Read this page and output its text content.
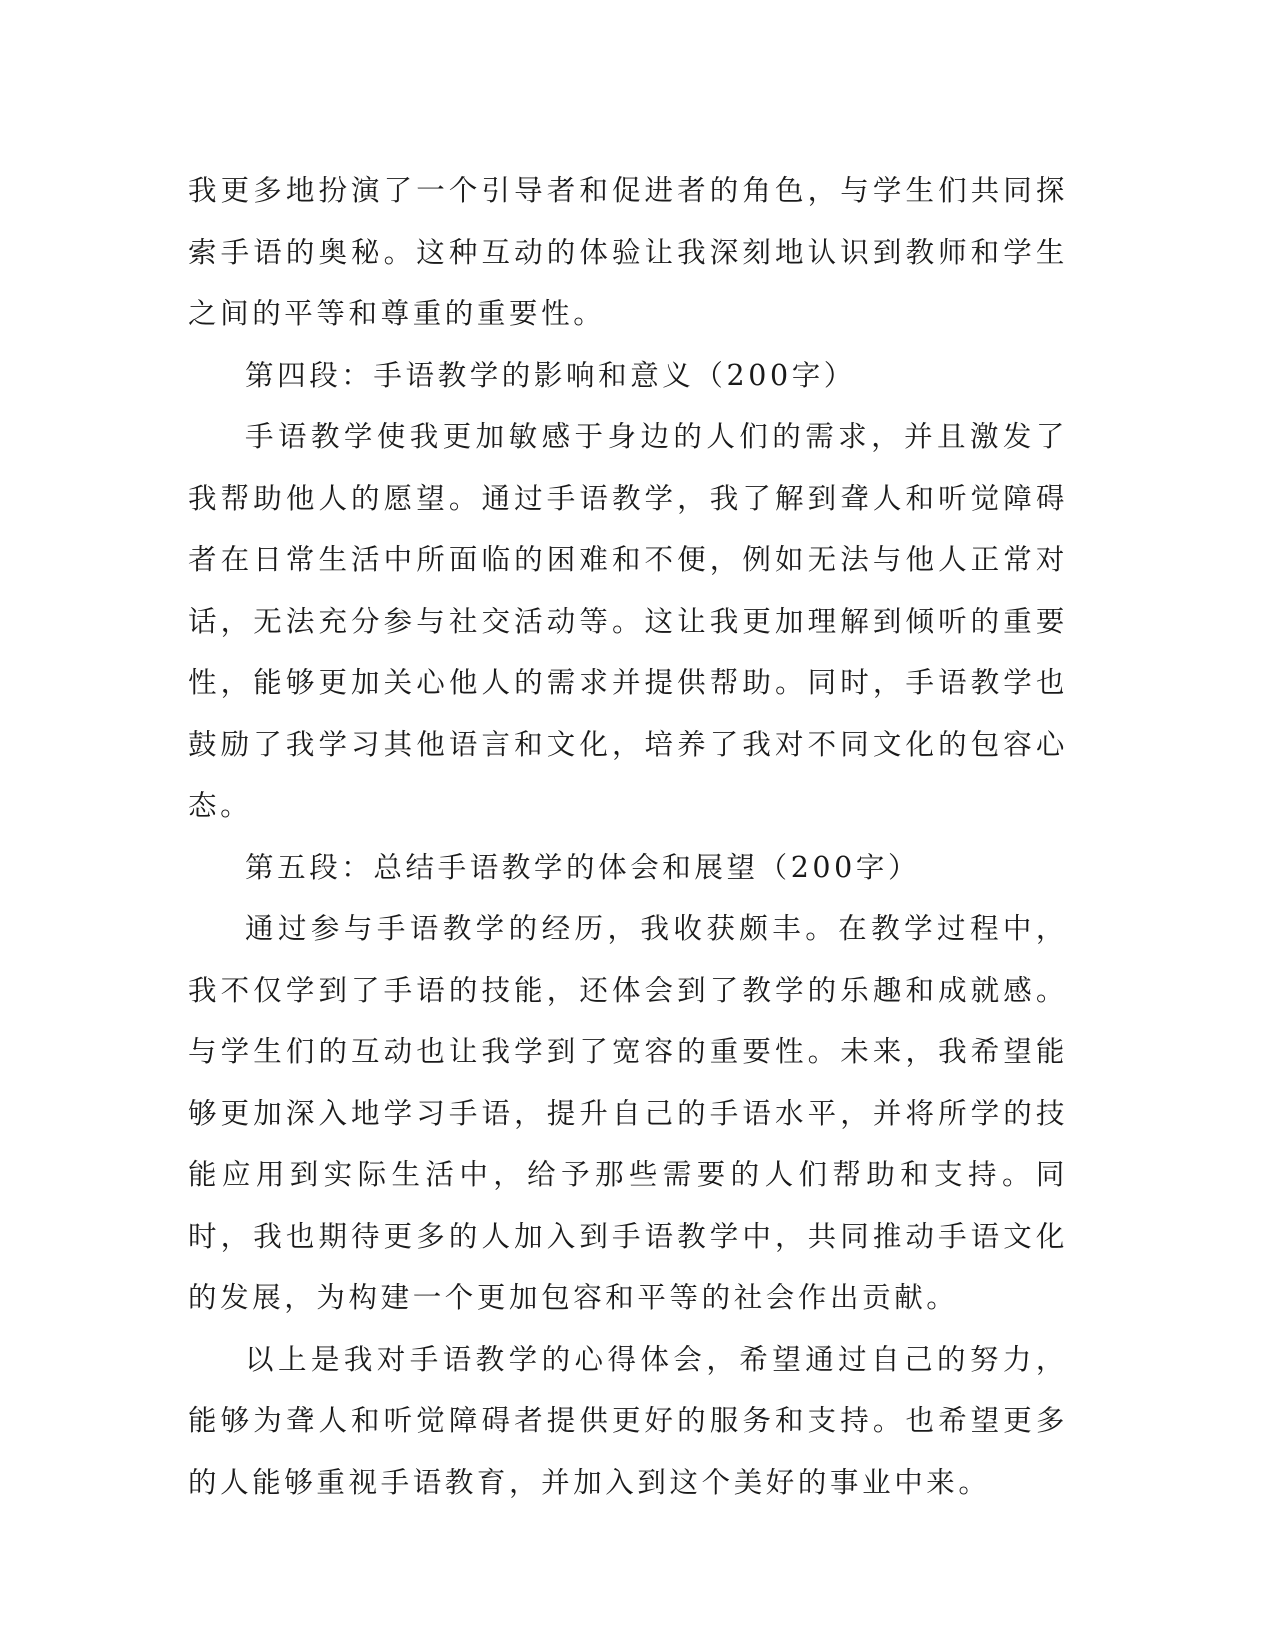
我更多地扮演了一个引导者和促进者的角色，与学生们共同探索手语的奥秘。这种互动的体验让我深刻地认识到教师和学生之间的平等和尊重的重要性。

第四段：手语教学的影响和意义（200字）

手语教学使我更加敏感于身边的人们的需求，并且激发了我帮助他人的愿望。通过手语教学，我了解到聋人和听觉障碍者在日常生活中所面临的困难和不便，例如无法与他人正常对话，无法充分参与社交活动等。这让我更加理解到倾听的重要性，能够更加关心他人的需求并提供帮助。同时，手语教学也鼓励了我学习其他语言和文化，培养了我对不同文化的包容心态。

第五段：总结手语教学的体会和展望（200字）

通过参与手语教学的经历，我收获颇丰。在教学过程中，我不仅学到了手语的技能，还体会到了教学的乐趣和成就感。与学生们的互动也让我学到了宽容的重要性。未来，我希望能够更加深入地学习手语，提升自己的手语水平，并将所学的技能应用到实际生活中，给予那些需要的人们帮助和支持。同时，我也期待更多的人加入到手语教学中，共同推动手语文化的发展，为构建一个更加包容和平等的社会作出贡献。

以上是我对手语教学的心得体会，希望通过自己的努力，能够为聋人和听觉障碍者提供更好的服务和支持。也希望更多的人能够重视手语教育，并加入到这个美好的事业中来。
